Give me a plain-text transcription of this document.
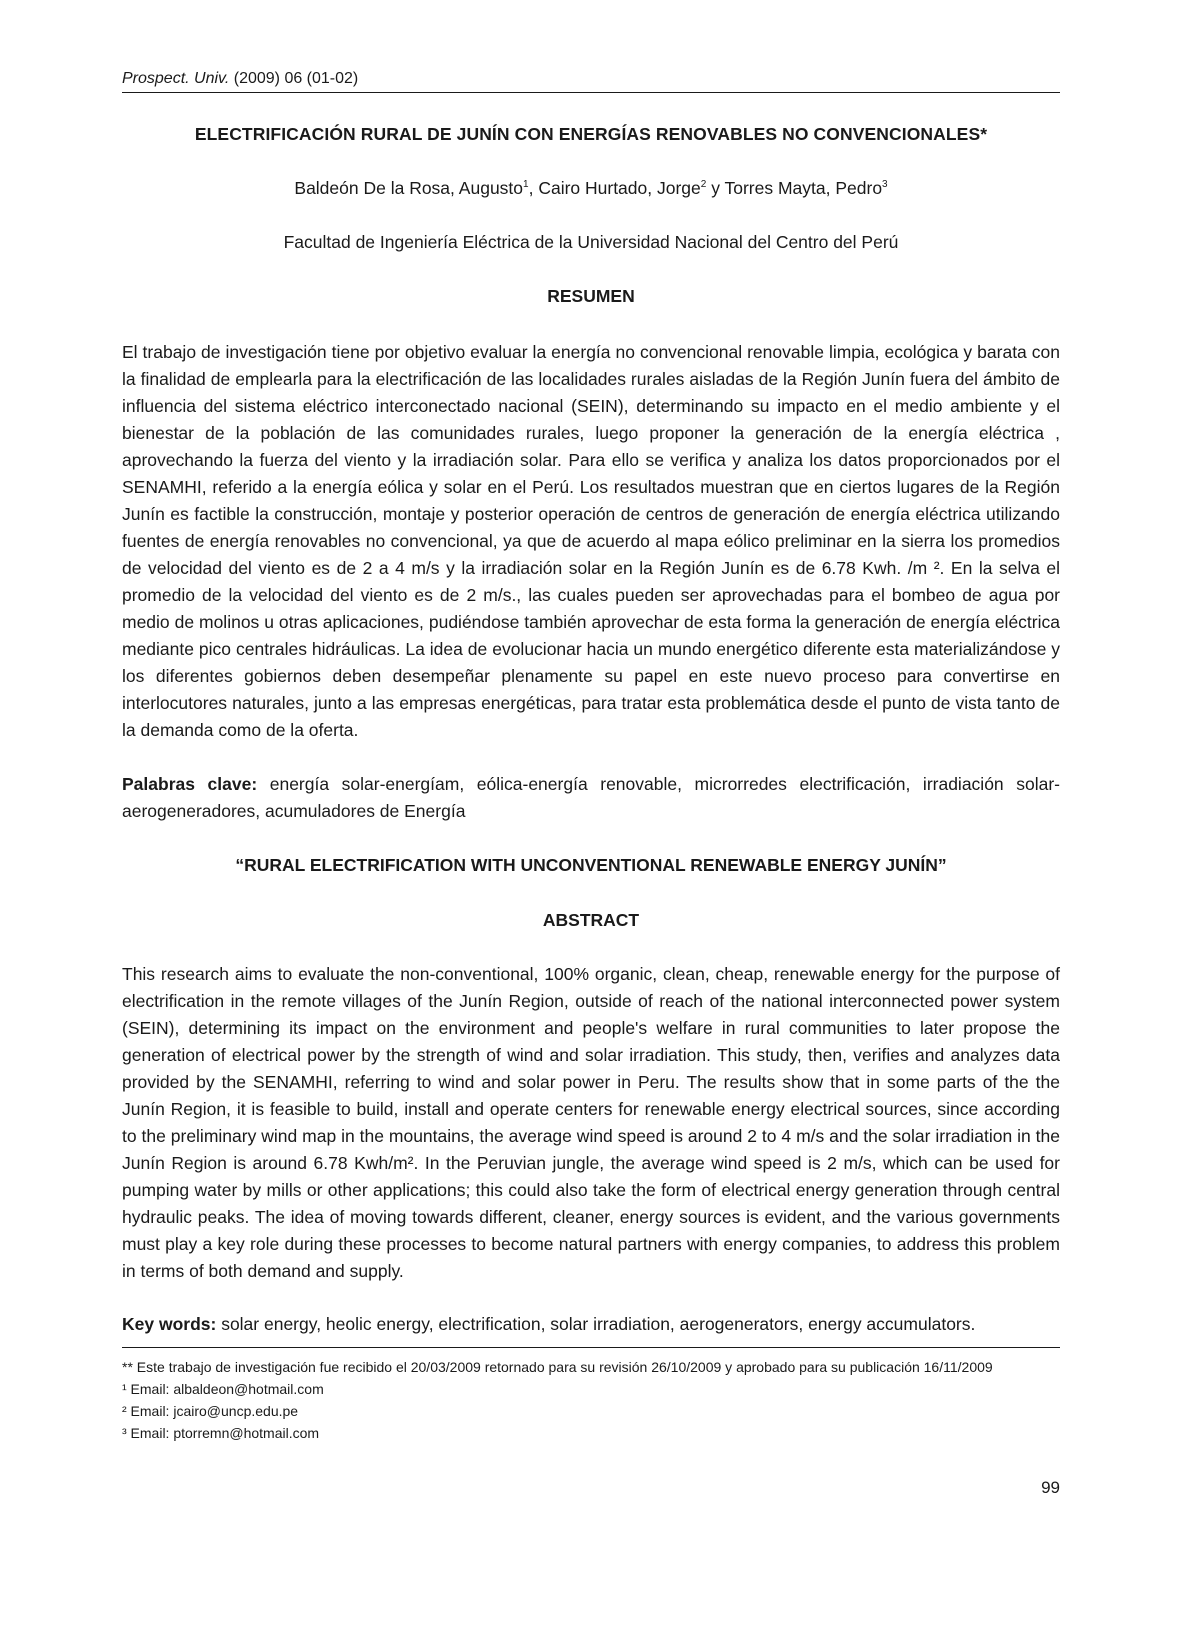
Prospect. Univ. (2009) 06 (01-02)
ELECTRIFICACIÓN RURAL DE JUNÍN CON ENERGÍAS RENOVABLES NO CONVENCIONALES*
Baldeón De la Rosa, Augusto$^1$, Cairo Hurtado, Jorge$^2$ y Torres Mayta, Pedro$^3$
Facultad de Ingeniería Eléctrica de la Universidad Nacional del Centro del Perú
RESUMEN

El trabajo de investigación tiene por objetivo evaluar la energía no convencional renovable limpia, ecológica y barata con la finalidad de emplearla para la electrificación de las localidades rurales aisladas de la Región Junín fuera del ámbito de influencia del sistema eléctrico interconectado nacional (SEIN), determinando su impacto en el medio ambiente y el bienestar de la población de las comunidades rurales, luego proponer la generación de la energía eléctrica , aprovechando la fuerza del viento y la irradiación solar. Para ello se verifica y analiza los datos proporcionados por el SENAMHI, referido a la energía eólica y solar en el Perú. Los resultados muestran que en ciertos lugares de la Región Junín es factible la construcción, montaje y posterior operación de centros de generación de energía eléctrica utilizando fuentes de energía renovables no convencional, ya que de acuerdo al mapa eólico preliminar en la sierra los promedios de velocidad del viento es de 2 a 4 m/s y la irradiación solar en la Región Junín es de 6.78 Kwh. /m ². En la selva el promedio de la velocidad del viento es de 2 m/s., las cuales pueden ser aprovechadas para el bombeo de agua por medio de molinos u otras aplicaciones, pudiéndose también aprovechar de esta forma la generación de energía eléctrica mediante pico centrales hidráulicas. La idea de evolucionar hacia un mundo energético diferente esta materializándose y los diferentes gobiernos deben desempeñar plenamente su papel en este nuevo proceso para convertirse en interlocutores naturales, junto a las empresas energéticas, para tratar esta problemática desde el punto de vista tanto de la demanda como de la oferta.

Palabras clave: energía solar-energíam, eólica-energía renovable, microrredes electrificación, irradiación solar-aerogeneradores, acumuladores de Energía

“RURAL ELECTRIFICATION WITH UNCONVENTIONAL RENEWABLE ENERGY JUNÍN”
ABSTRACT

This research aims to evaluate the non-conventional, 100% organic, clean, cheap, renewable energy for the purpose of electrification in the remote villages of the Junín Region, outside of reach of the national interconnected power system (SEIN), determining its impact on the environment and people's welfare in rural communities to later propose the generation of electrical power by the strength of wind and solar irradiation. This study, then, verifies and analyzes data provided by the SENAMHI, referring to wind and solar power in Peru. The results show that in some parts of the the Junín Region, it is feasible to build, install and operate centers for renewable energy electrical sources, since according to the preliminary wind map in the mountains, the average wind speed is around 2 to 4 m/s and the solar irradiation in the Junín Region is around 6.78 Kwh/m². In the Peruvian jungle, the average wind speed is 2 m/s, which can be used for pumping water by mills or other applications; this could also take the form of electrical energy generation through central hydraulic peaks. The idea of moving towards different, cleaner, energy sources is evident, and the various governments must play a key role during these processes to become natural partners with energy companies, to address this problem in terms of both demand and supply.

Key words: solar energy, heolic energy, electrification, solar irradiation, aerogenerators, energy accumulators.

** Este trabajo de investigación fue recibido el 20/03/2009 retornado para su revisión 26/10/2009 y aprobado para su publicación 16/11/2009
¹ Email: albaldeon@hotmail.com
² Email: jcairo@uncp.edu.pe
³ Email: ptorremn@hotmail.com
99
